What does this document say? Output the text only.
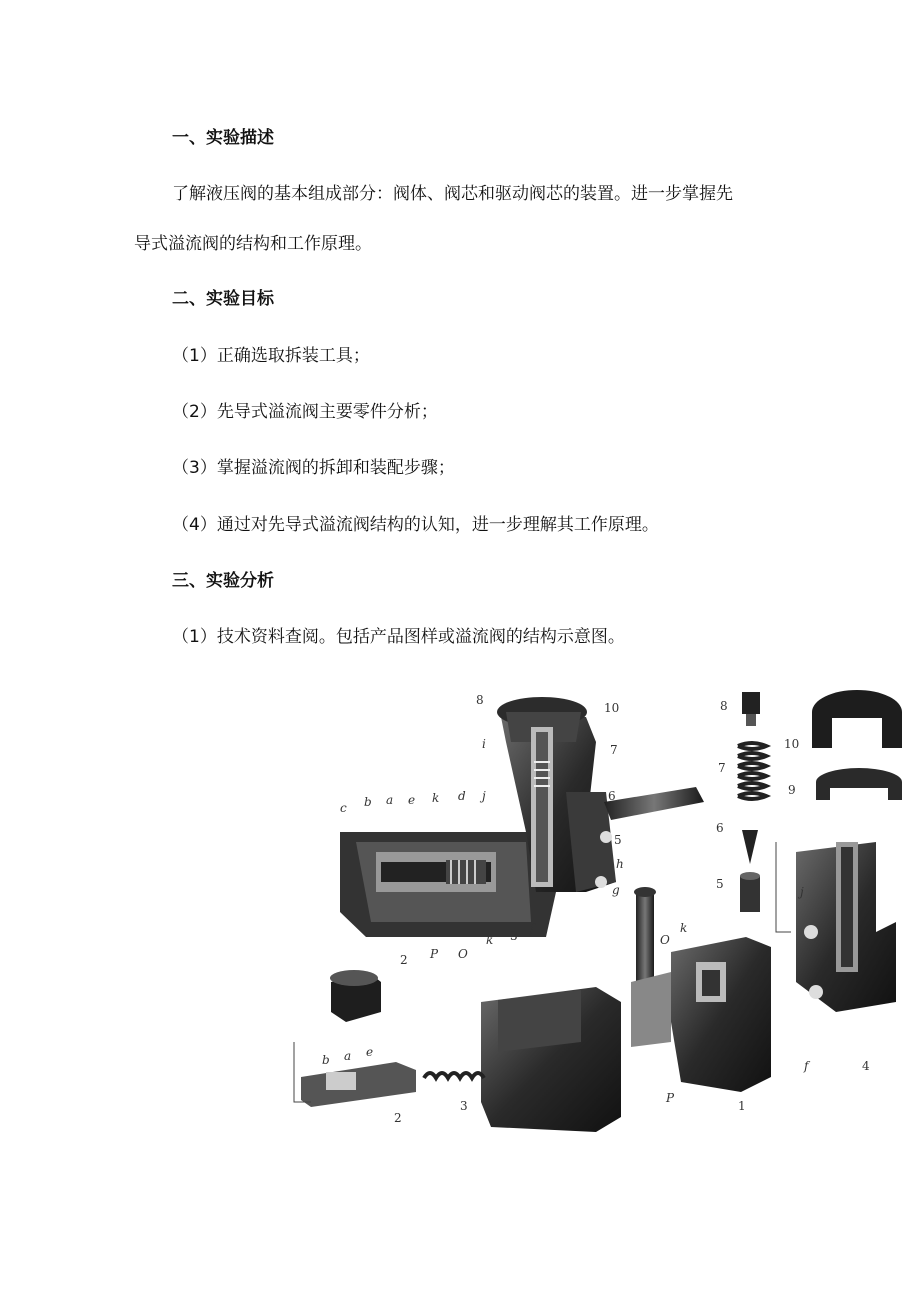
一、实验描述
了解液压阀的基本组成部分：阀体、阀芯和驱动阀芯的装置。进一步掌握先
导式溢流阀的结构和工作原理。
二、实验目标
（1）正确选取拆装工具；
（2）先导式溢流阀主要零件分析；
（3）掌握溢流阀的拆卸和装配步骤；
（4）通过对先导式溢流阀结构的认知，进一步理解其工作原理。
三、实验分析
（1）技术资料查阅。包括产品图样或溢流阀的结构示意图。
8
10
i	7
6
5
h
g
c b a e k d j
2 P O
k 3
f
8
7
6
5
10
9
j
f	4
O
k
P
1
b a e
2
3
